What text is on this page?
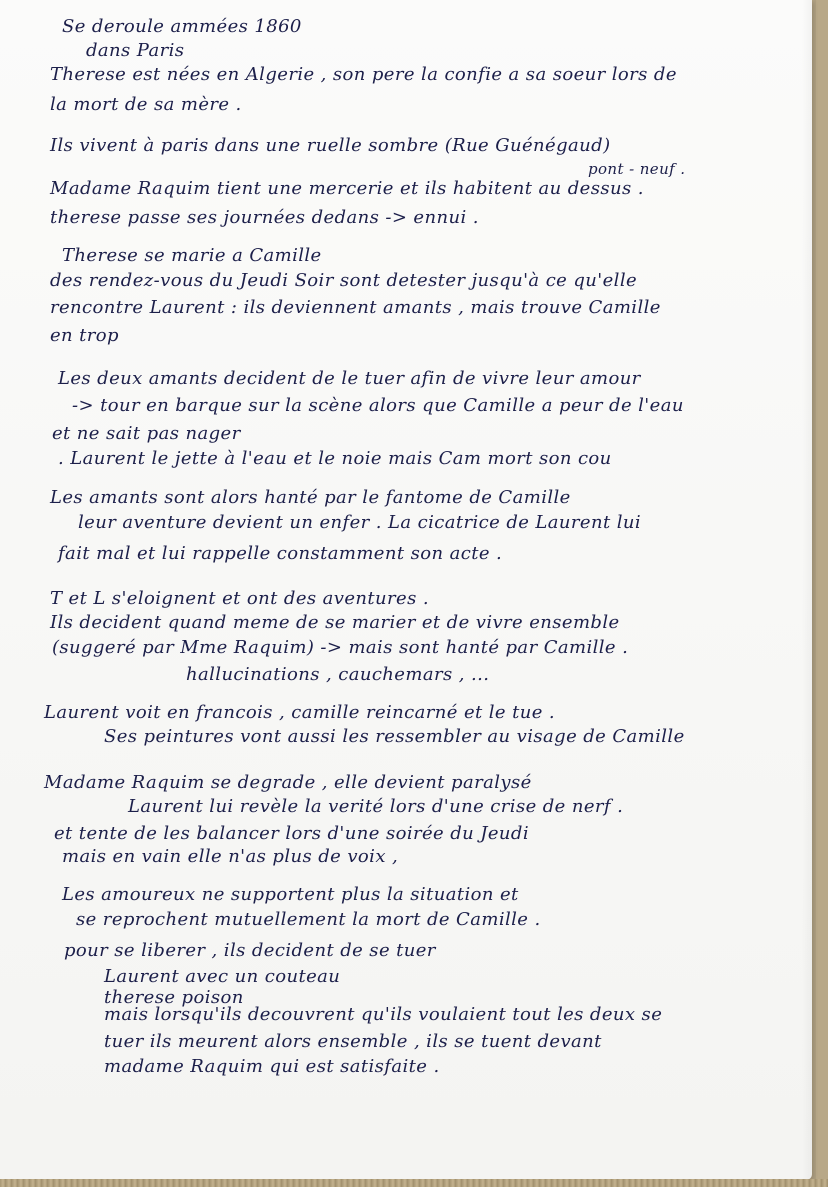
Se deroule ammées 1860
dans Paris
Therese est nées en Algerie , son pere la confie a sa soeur lors de
la mort de sa mère .
Ils vivent à paris dans une ruelle sombre (Rue Guénégaud)
pont - neuf .
Madame Raquim tient une mercerie et ils habitent au dessus .
therese passe ses journées dedans -> ennui .
Therese se marie a Camille
des rendez-vous du Jeudi Soir sont detester jusqu'à ce qu'elle
rencontre Laurent : ils deviennent amants , mais trouve Camille
en trop
Les deux amants decident de le tuer afin de vivre leur amour
-> tour en barque sur la scène alors que Camille a peur de l'eau
et ne sait pas nager
. Laurent le jette à l'eau et le noie mais Cam mort son cou
Les amants sont alors hanté par le fantome de Camille
leur aventure devient un enfer . La cicatrice de Laurent lui
fait mal et lui rappelle constamment son acte .
T et L s'eloignent et ont des aventures .
Ils decident quand meme de se marier et de vivre ensemble
(suggeré par Mme Raquim) -> mais sont hanté par Camille .
hallucinations , cauchemars , ...
Laurent voit en francois , camille reincarné et le tue .
Ses peintures vont aussi les ressembler au visage de Camille
Madame Raquim se degrade , elle devient paralysé
Laurent lui revèle la verité lors d'une crise de nerf .
et tente de les balancer lors d'une soirée du Jeudi
mais en vain elle n'as plus de voix ,
Les amoureux ne supportent plus la situation et
se reprochent mutuellement la mort de Camille .
pour se liberer , ils decident de se tuer
Laurent avec un couteau
therese poison
mais lorsqu'ils decouvrent qu'ils voulaient tout les deux se
tuer ils meurent alors ensemble , ils se tuent devant
madame Raquim qui est satisfaite .
